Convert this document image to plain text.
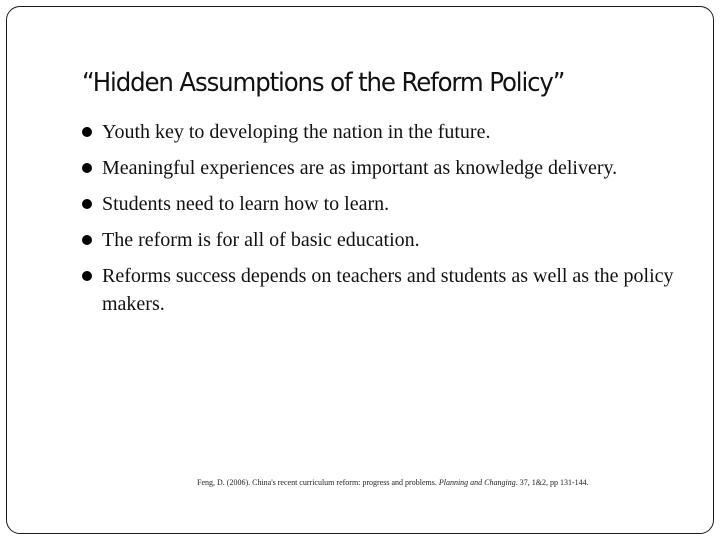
“Hidden Assumptions of the Reform Policy”
Youth key to developing the nation in the future.
Meaningful experiences are as important as knowledge delivery.
Students need to learn how to learn.
The reform is for all of basic education.
Reforms success depends on teachers and students as well as the policy makers.
Feng, D. (2006). China's recent curriculum reform: progress and problems. Planning and Changing. 37, 1&2, pp 131-144.
